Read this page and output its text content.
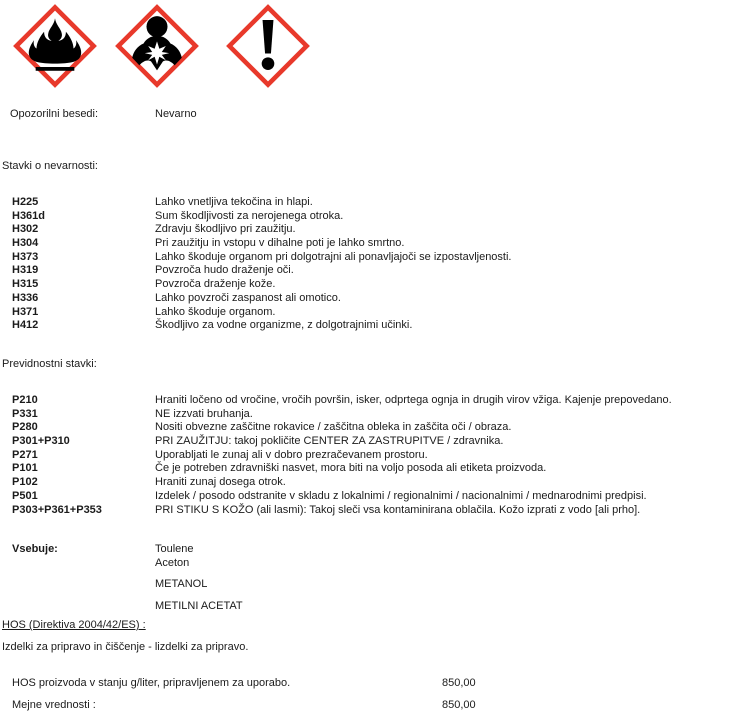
Opozorilni besedi:	Nevarno
Stavki o nevarnosti:
H225	Lahko vnetljiva tekočina in hlapi.
H361d	Sum škodljivosti za nerojenega otroka.
H302	Zdravju škodljivo pri zaužitju.
H304	Pri zaužitju in vstopu v dihalne poti je lahko smrtno.
H373	Lahko škoduje organom pri dolgotrajni ali ponavljajoči se izpostavljenosti.
H319	Povzroča hudo draženje oči.
H315	Povzroča draženje kože.
H336	Lahko povzroči zaspanost ali omotico.
H371	Lahko škoduje organom.
H412	Škodljivo za vodne organizme, z dolgotrajnimi učinki.
Previdnostni stavki:
P210	Hraniti ločeno od vročine, vročih površin, isker, odprtega ognja in drugih virov vžiga. Kajenje prepovedano.
P331	NE izzvati bruhanja.
P280	Nositi obvezne zaščitne rokavice / zaščitna obleka in zaščita oči / obraza.
P301+P310	PRI ZAUŽITJU: takoj pokličite CENTER ZA ZASTRUPITVE / zdravnika.
P271	Uporabljati le zunaj ali v dobro prezračevanem prostoru.
P101	Če je potreben zdravniški nasvet, mora biti na voljo posoda ali etiketa proizvoda.
P102	Hraniti zunaj dosega otrok.
P501	Izdelek / posodo odstranite v skladu z lokalnimi / regionalnimi / nacionalnimi / mednarodnimi predpisi.
P303+P361+P353	PRI STIKU S KOŽO (ali lasmi): Takoj sleči vsa kontaminirana oblačila. Kožo izprati z vodo [ali prho].
Vsebuje:	Toulene
Aceton
METANOL
METILNI ACETAT
HOS (Direktiva 2004/42/ES) :
Izdelki za pripravo in čiščenje - lizdelki za pripravo.
HOS proizvoda v stanju g/liter, pripravljenem za uporabo.	850,00
Mejne vrednosti :	850,00
